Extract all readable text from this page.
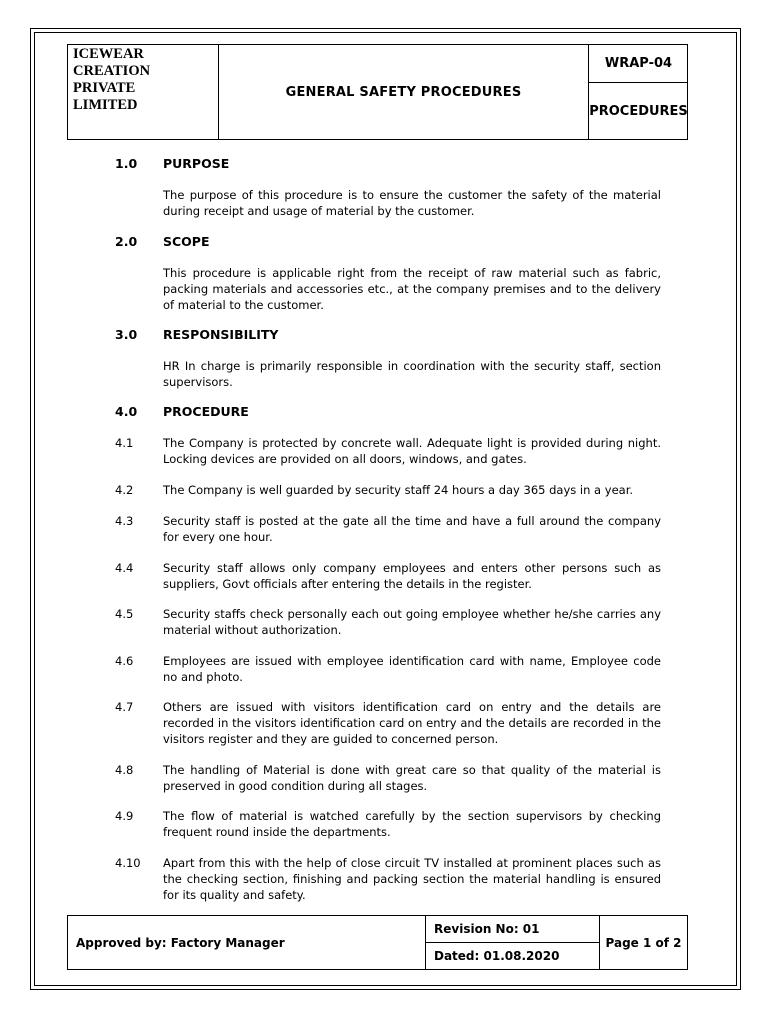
ICEWEAR
CREATION
PRIVATE
LIMITED
GENERAL SAFETY PROCEDURES
WRAP-04
PROCEDURES
1.0 PURPOSE
The purpose of this procedure is to ensure the customer the safety of the material during receipt and usage of material by the customer.
2.0 SCOPE
This procedure is applicable right from the receipt of raw material such as fabric, packing materials and accessories etc., at the company premises and to the delivery of material to the customer.
3.0 RESPONSIBILITY
HR In charge is primarily responsible in coordination with the security staff, section supervisors.
4.0 PROCEDURE
4.1	The Company is protected by concrete wall. Adequate light is provided during night. Locking devices are provided on all doors, windows, and gates.
4.2	The Company is well guarded by security staff 24 hours a day 365 days in a year.
4.3	Security staff is posted at the gate all the time and have a full around the company for every one hour.
4.4	Security staff allows only company employees and enters other persons such as suppliers, Govt officials after entering the details in the register.
4.5	Security staffs check personally each out going employee whether he/she carries any material without authorization.
4.6	Employees are issued with employee identification card with name, Employee code no and photo.
4.7	Others are issued with visitors identification card on entry and the details are recorded in the visitors identification card on entry and the details are recorded in the visitors register and they are guided to concerned person.
4.8	The handling of Material is done with great care so that quality of the material is preserved in good condition during all stages.
4.9	The flow of material is watched carefully by the section supervisors by checking frequent round inside the departments.
4.10 Apart from this with the help of close circuit TV installed at prominent places such as the checking section, finishing and packing section the material handling is ensured for its quality and safety.
Approved by: Factory Manager
Revision No: 01
Dated: 01.08.2020
Page 1 of 2
